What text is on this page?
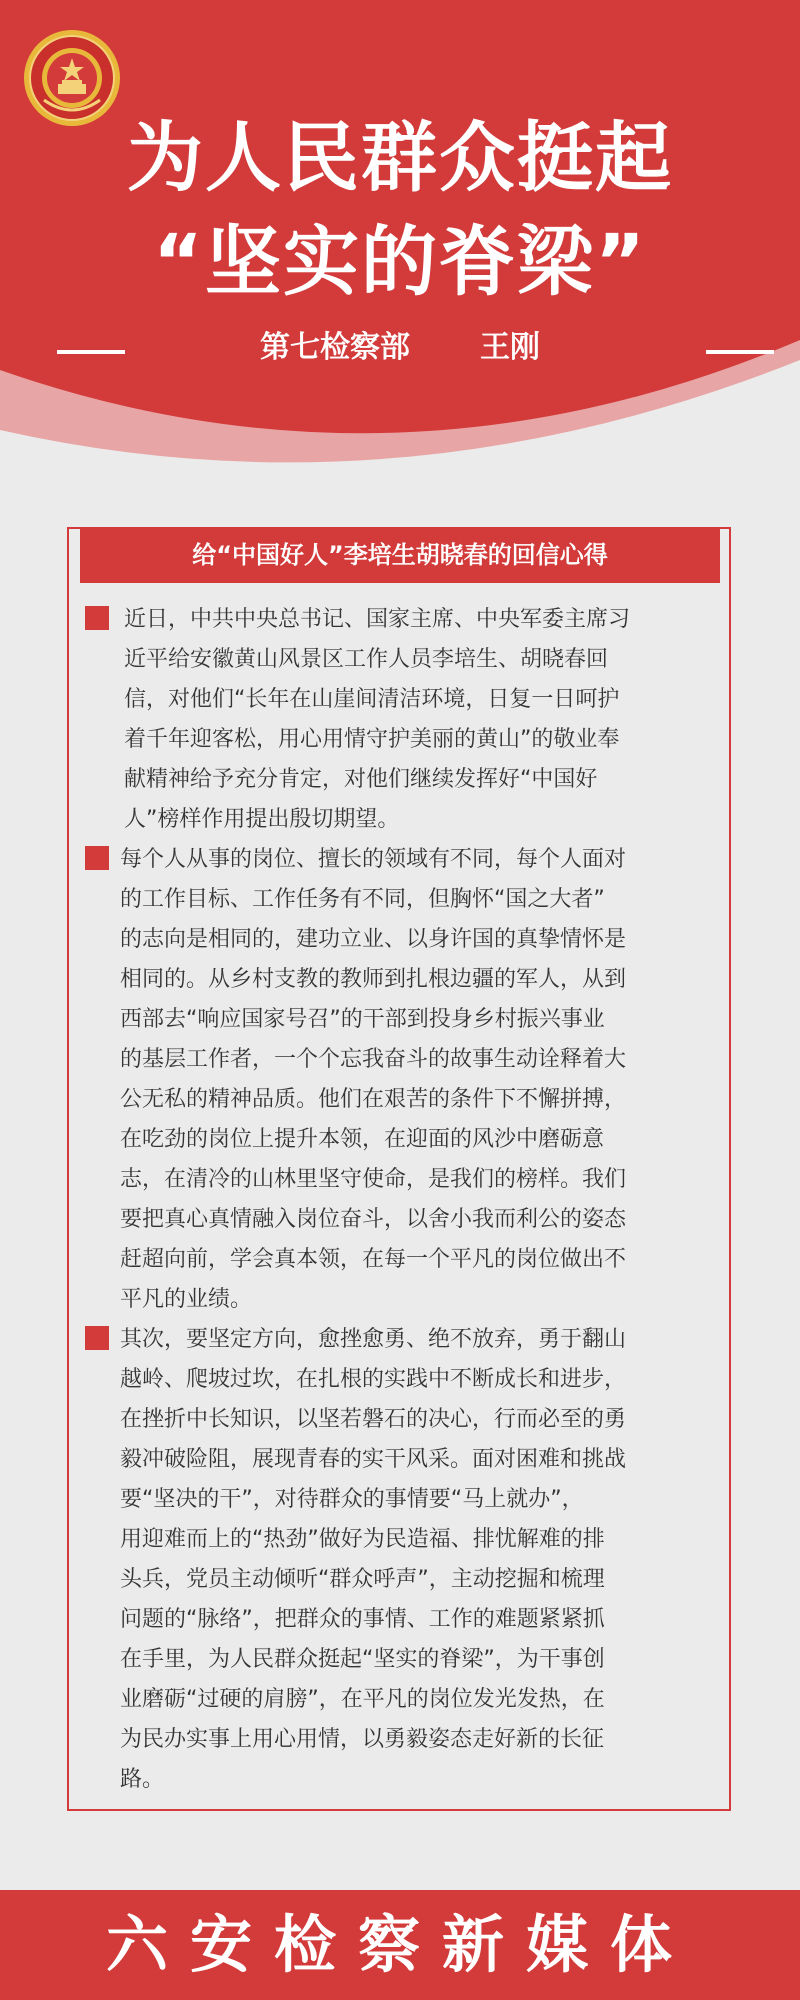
为人民群众挺起
“坚实的脊梁”
第七检察部 王刚
给“中国好人”李培生胡晓春的回信心得
近日，中共中央总书记、国家主席、中央军委主席习
近平给安徽黄山风景区工作人员李培生、胡晓春回
信，对他们“长年在山崖间清洁环境，日复一日呵护
着千年迎客松，用心用情守护美丽的黄山”的敬业奉
献精神给予充分肯定，对他们继续发挥好“中国好
人”榜样作用提出殷切期望。
每个人从事的岗位、擅长的领域有不同，每个人面对
的工作目标、工作任务有不同，但胸怀“国之大者”
的志向是相同的，建功立业、以身许国的真挚情怀是
相同的。从乡村支教的教师到扎根边疆的军人，从到
西部去“响应国家号召”的干部到投身乡村振兴事业
的基层工作者，一个个忘我奋斗的故事生动诠释着大
公无私的精神品质。他们在艰苦的条件下不懈拼搏，
在吃劲的岗位上提升本领，在迎面的风沙中磨砺意
志，在清冷的山林里坚守使命，是我们的榜样。我们
要把真心真情融入岗位奋斗，以舍小我而利公的姿态
赶超向前，学会真本领，在每一个平凡的岗位做出不
平凡的业绩。
其次，要坚定方向，愈挫愈勇、绝不放弃，勇于翻山
越岭、爬坡过坎，在扎根的实践中不断成长和进步，
在挫折中长知识，以坚若磐石的决心，行而必至的勇
毅冲破险阻，展现青春的实干风采。面对困难和挑战
要“坚决的干”，对待群众的事情要“马上就办”，
用迎难而上的“热劲”做好为民造福、排忧解难的排
头兵，党员主动倾听“群众呼声”，主动挖掘和梳理
问题的“脉络”，把群众的事情、工作的难题紧紧抓
在手里，为人民群众挺起“坚实的脊梁”，为干事创
业磨砺“过硬的肩膀”，在平凡的岗位发光发热，在
为民办实事上用心用情，以勇毅姿态走好新的长征
路。
六安检察新媒体
